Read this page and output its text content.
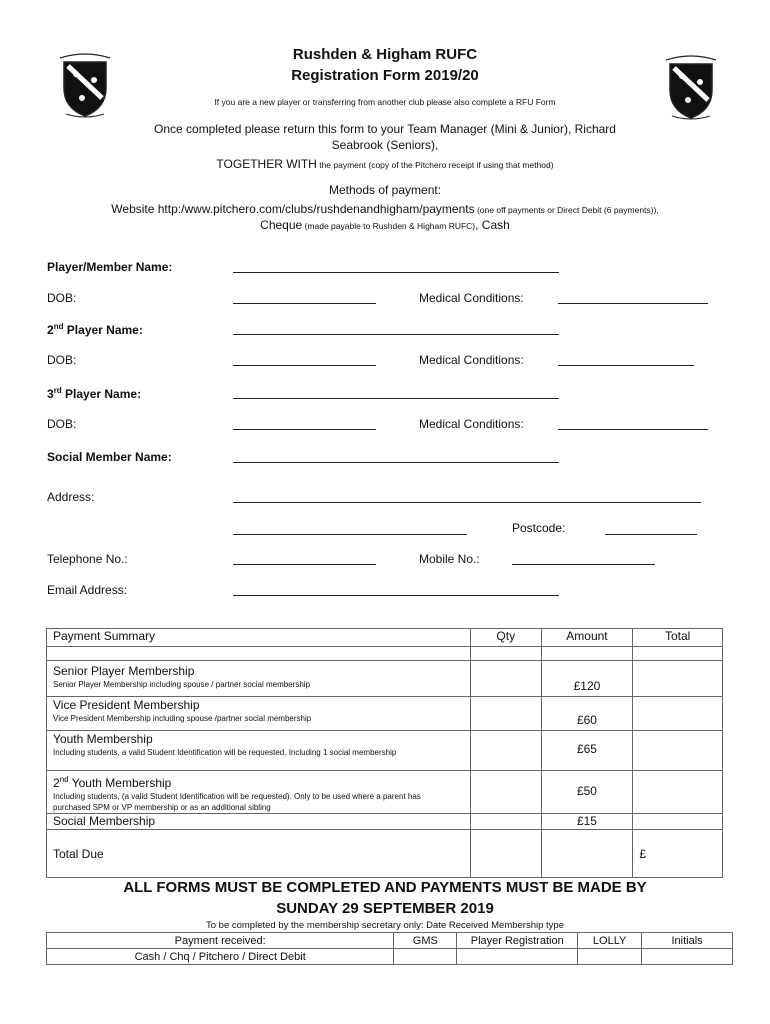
Rushden & Higham RUFC
Registration Form 2019/20
If you are a new player or transferring from another club please also complete a RFU Form
Once completed please return this form to your Team Manager (Mini & Junior), Richard
Seabrook (Seniors),
TOGETHER WITH the payment (copy of the Pitchero receipt if using that method)
Methods of payment:
Website http:/www.pitchero.com/clubs/rushdenandhigham/payments (one off payments or Direct Debit (6 payments)),
Cheque (made payable to Rushden & Higham RUFC), Cash
Player/Member Name:
DOB:	Medical Conditions:
2nd Player Name:
DOB:	Medical Conditions:
3rd Player Name:
DOB:	Medical Conditions:
Social Member Name:
Address:
Postcode:
Telephone No.:	Mobile No.:
Email Address:
Payment Summary	Qty	Amount	Total

Senior Player Membership
Senior Player Membership including spouse / partner social membership		£120	

Vice President Membership
Vice President Membership including spouse /partner social membership		£60	

Youth Membership
Including students, a valid Student Identification will be requested. Including 1 social membership		£65	

2nd Youth Membership
Including students, (a valid Student Identification will be requested). Only to be used where a parent has purchased SPM or VP membership or as an additional sibling		£50	
Social Membership		£15	
Total Due			£
ALL FORMS MUST BE COMPLETED AND PAYMENTS MUST BE MADE BY
SUNDAY 29 SEPTEMBER 2019
To be completed by the membership secretary only: Date Received Membership type
Payment received:	GMS	Player Registration	LOLLY	Initials
Cash / Chq / Pitchero / Direct Debit				
